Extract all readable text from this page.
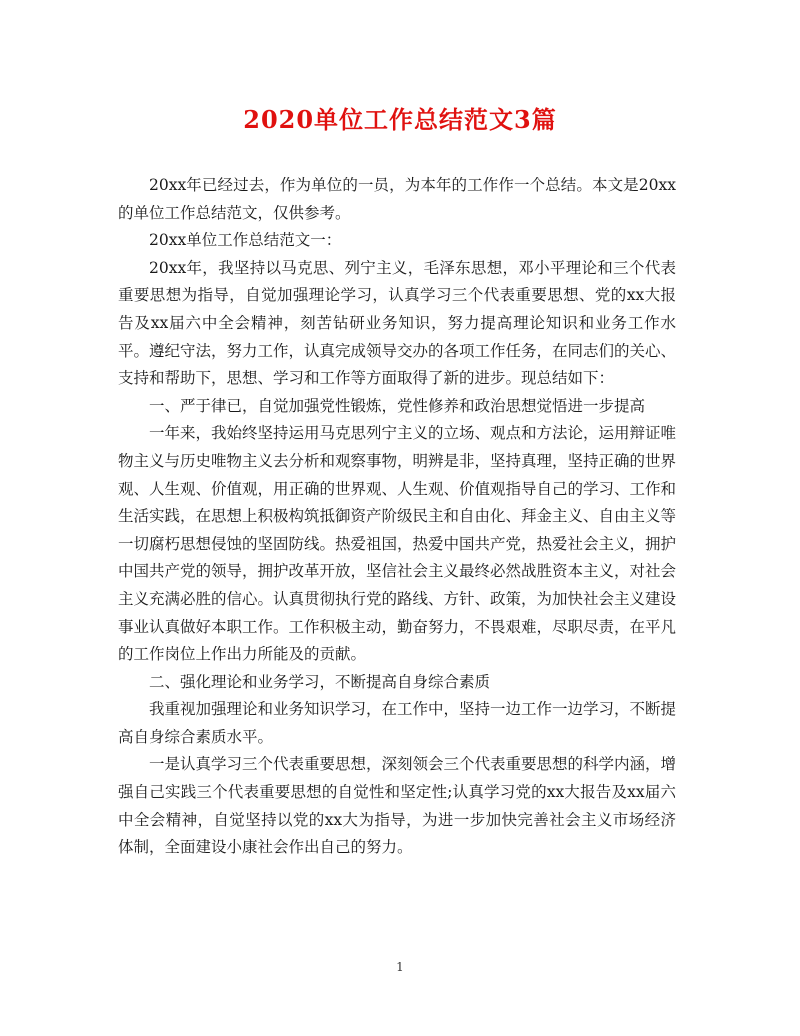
2020单位工作总结范文3篇

20xx年已经过去，作为单位的一员，为本年的工作作一个总结。本文是20xx的单位工作总结范文，仅供参考。

20xx单位工作总结范文一：

20xx年，我坚持以马克思、列宁主义，毛泽东思想，邓小平理论和三个代表重要思想为指导，自觉加强理论学习，认真学习三个代表重要思想、党的xx大报告及xx届六中全会精神，刻苦钻研业务知识，努力提高理论知识和业务工作水平。遵纪守法，努力工作，认真完成领导交办的各项工作任务，在同志们的关心、支持和帮助下，思想、学习和工作等方面取得了新的进步。现总结如下：

一、严于律已，自觉加强党性锻炼，党性修养和政治思想觉悟进一步提高

一年来，我始终坚持运用马克思列宁主义的立场、观点和方法论，运用辩证唯物主义与历史唯物主义去分析和观察事物，明辨是非，坚持真理，坚持正确的世界观、人生观、价值观，用正确的世界观、人生观、价值观指导自己的学习、工作和生活实践，在思想上积极构筑抵御资产阶级民主和自由化、拜金主义、自由主义等一切腐朽思想侵蚀的坚固防线。热爱祖国，热爱中国共产党，热爱社会主义，拥护中国共产党的领导，拥护改革开放，坚信社会主义最终必然战胜资本主义，对社会主义充满必胜的信心。认真贯彻执行党的路线、方针、政策，为加快社会主义建设事业认真做好本职工作。工作积极主动，勤奋努力，不畏艰难，尽职尽责，在平凡的工作岗位上作出力所能及的贡献。

二、强化理论和业务学习，不断提高自身综合素质

我重视加强理论和业务知识学习，在工作中，坚持一边工作一边学习，不断提高自身综合素质水平。

一是认真学习三个代表重要思想，深刻领会三个代表重要思想的科学内涵，增强自己实践三个代表重要思想的自觉性和坚定性;认真学习党的xx大报告及xx届六中全会精神，自觉坚持以党的xx大为指导，为进一步加快完善社会主义市场经济体制，全面建设小康社会作出自己的努力。

1
